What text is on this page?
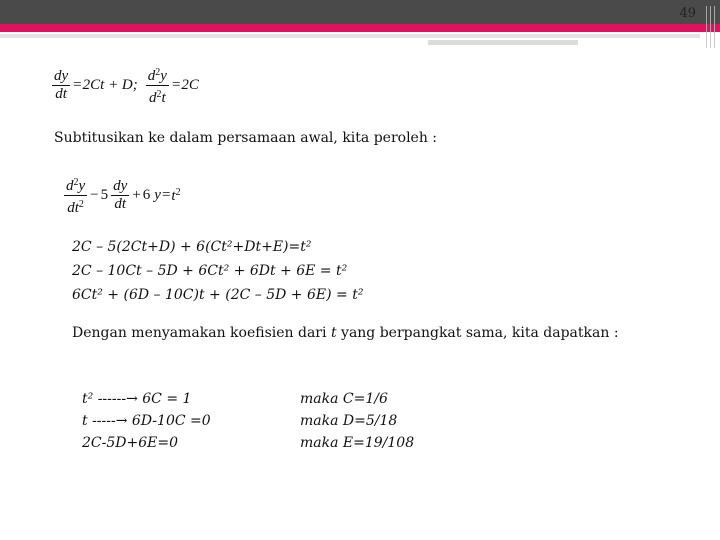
49
$\frac{dy}{dt} = 2Ct + D$; $\frac{d^2y}{d^2t} = 2C$
Subtitusikan ke dalam persamaan awal, kita peroleh :
$\frac{d^2y}{dt^2} - 5 \frac{dy}{dt} + 6$ $y = t^2$
2C – 5(2Ct+D) + 6(Ct²+Dt+E)=t²
2C – 10Ct – 5D + 6Ct² + 6Dt + 6E = t²
6Ct² + (6D – 10C)t + (2C – 5D + 6E) = t²
Dengan menyamakan koefisien dari t yang berpangkat sama, kita dapatkan :
t² ------→ 6C = 1
t -----→ 6D-10C =0
2C-5D+6E=0
maka C=1/6
maka D=5/18
maka E=19/108
